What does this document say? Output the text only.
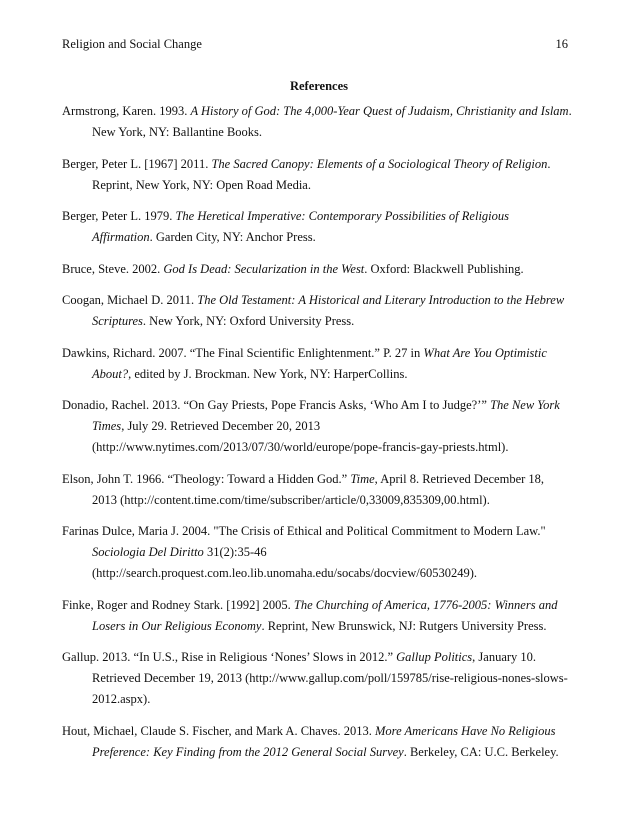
Religion and Social Change	16
References
Armstrong, Karen. 1993. A History of God: The 4,000-Year Quest of Judaism, Christianity and Islam. New York, NY: Ballantine Books.
Berger, Peter L. [1967] 2011. The Sacred Canopy: Elements of a Sociological Theory of Religion. Reprint, New York, NY: Open Road Media.
Berger, Peter L. 1979. The Heretical Imperative: Contemporary Possibilities of Religious Affirmation. Garden City, NY: Anchor Press.
Bruce, Steve. 2002. God Is Dead: Secularization in the West. Oxford: Blackwell Publishing.
Coogan, Michael D. 2011. The Old Testament: A Historical and Literary Introduction to the Hebrew Scriptures. New York, NY: Oxford University Press.
Dawkins, Richard. 2007. “The Final Scientific Enlightenment.” P. 27 in What Are You Optimistic About?, edited by J. Brockman. New York, NY: HarperCollins.
Donadio, Rachel. 2013. “On Gay Priests, Pope Francis Asks, ‘Who Am I to Judge?’” The New York Times, July 29. Retrieved December 20, 2013 (http://www.nytimes.com/2013/07/30/world/europe/pope-francis-gay-priests.html).
Elson, John T. 1966. “Theology: Toward a Hidden God.” Time, April 8. Retrieved December 18, 2013 (http://content.time.com/time/subscriber/article/0,33009,835309,00.html).
Farinas Dulce, Maria J. 2004. "The Crisis of Ethical and Political Commitment to Modern Law." Sociologia Del Diritto 31(2):35-46 (http://search.proquest.com.leo.lib.unomaha.edu/socabs/docview/60530249).
Finke, Roger and Rodney Stark. [1992] 2005. The Churching of America, 1776-2005: Winners and Losers in Our Religious Economy. Reprint, New Brunswick, NJ: Rutgers University Press.
Gallup. 2013. “In U.S., Rise in Religious ‘Nones’ Slows in 2012.” Gallup Politics, January 10. Retrieved December 19, 2013 (http://www.gallup.com/poll/159785/rise-religious-nones-slows-2012.aspx).
Hout, Michael, Claude S. Fischer, and Mark A. Chaves. 2013. More Americans Have No Religious Preference: Key Finding from the 2012 General Social Survey. Berkeley, CA: U.C. Berkeley.
